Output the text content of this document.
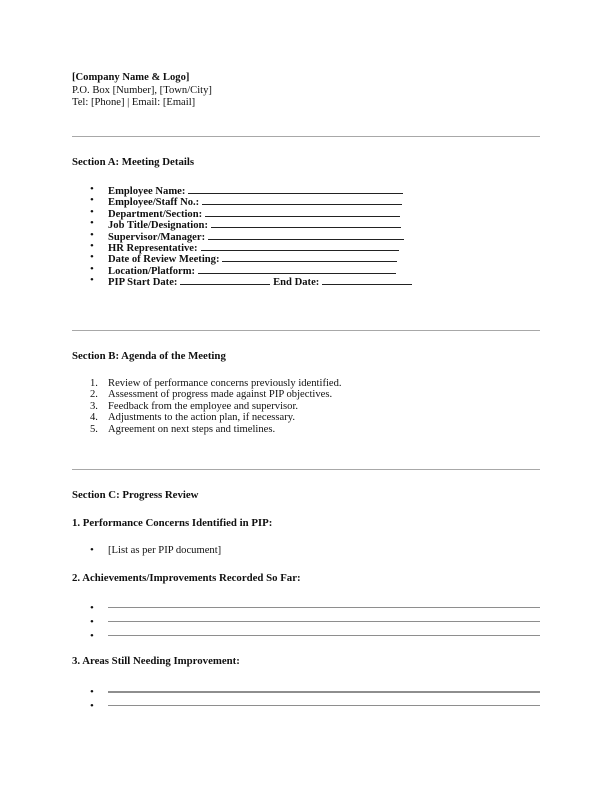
[Company Name & Logo]
P.O. Box [Number], [Town/City]
Tel: [Phone] | Email: [Email]
Section A: Meeting Details
• Employee Name:
• Employee/Staff No.:
• Department/Section:
• Job Title/Designation:
• Supervisor/Manager:
• HR Representative:
• Date of Review Meeting:
• Location/Platform:
• PIP Start Date:	End Date:
Section B: Agenda of the Meeting
1. Review of performance concerns previously identified.
2. Assessment of progress made against PIP objectives.
3. Feedback from the employee and supervisor.
4. Adjustments to the action plan, if necessary.
5. Agreement on next steps and timelines.
Section C: Progress Review
1. Performance Concerns Identified in PIP:
• [List as per PIP document]
2. Achievements/Improvements Recorded So Far:
•
•
•
3. Areas Still Needing Improvement:
•
•
